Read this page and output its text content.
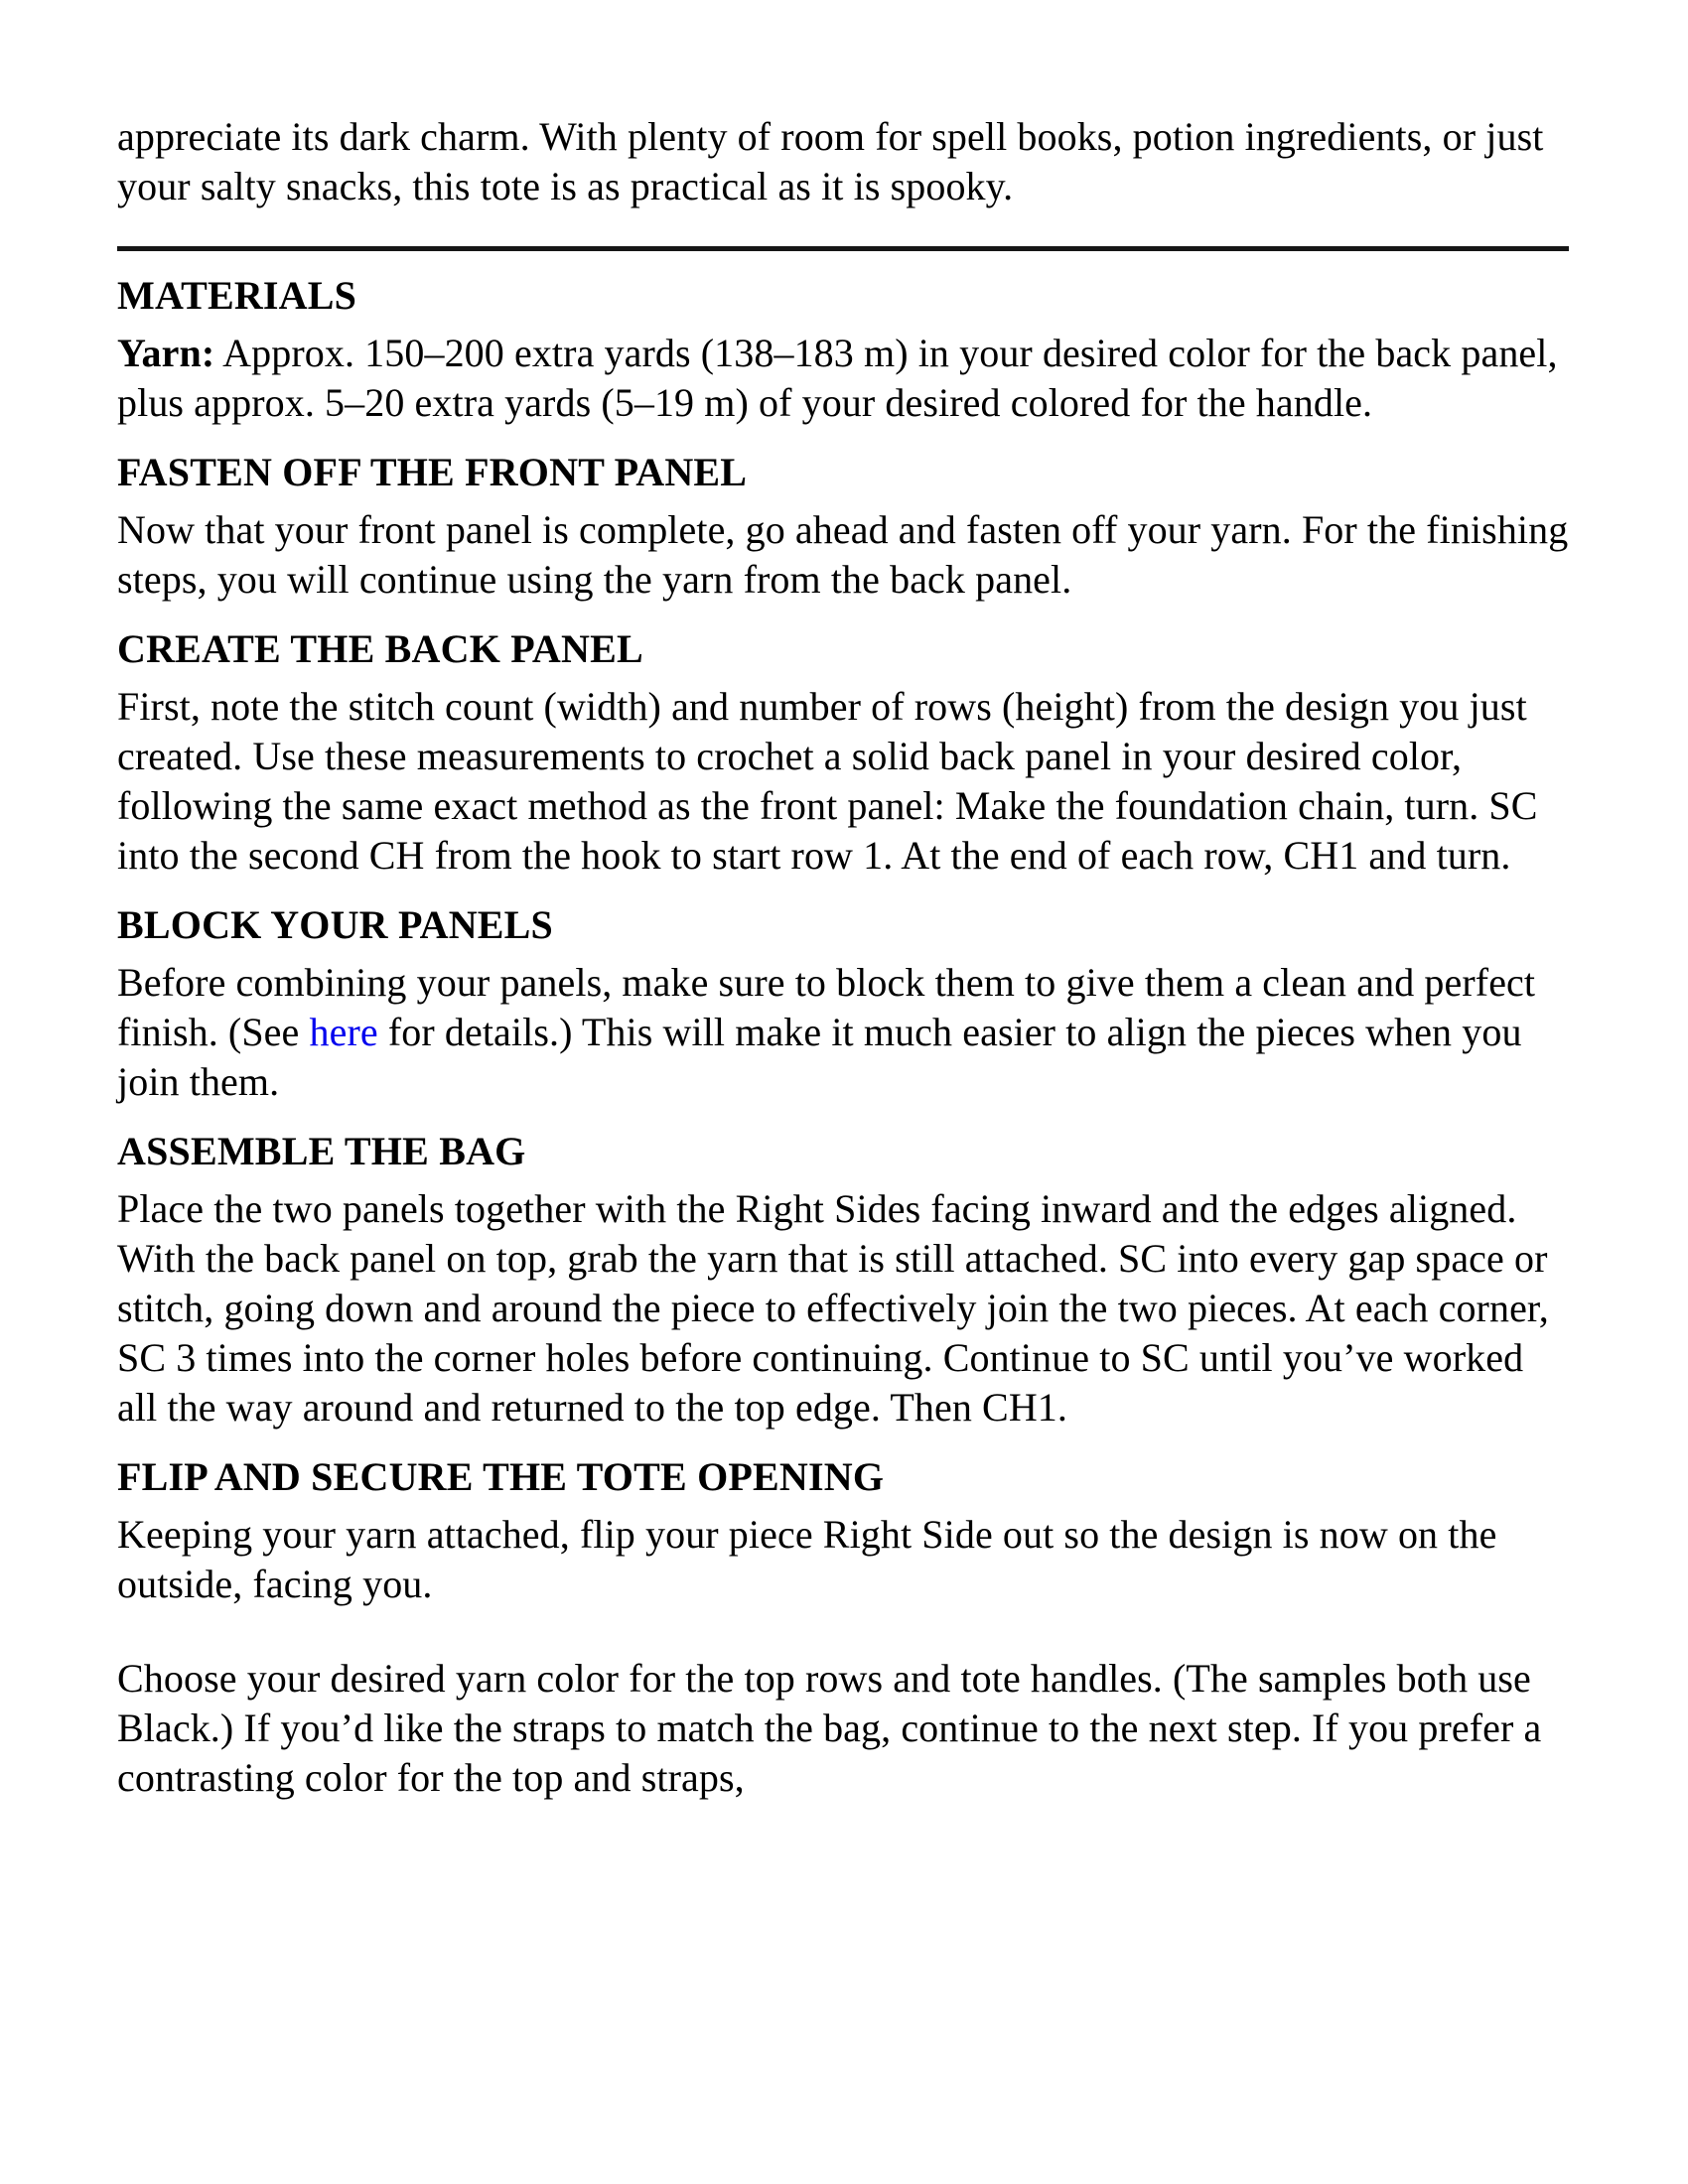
appreciate its dark charm. With plenty of room for spell books, potion ingredients, or just your salty snacks, this tote is as practical as it is spooky.

MATERIALS

Yarn: Approx. 150–200 extra yards (138–183 m) in your desired color for the back panel, plus approx. 5–20 extra yards (5–19 m) of your desired colored for the handle.

FASTEN OFF THE FRONT PANEL

Now that your front panel is complete, go ahead and fasten off your yarn. For the finishing steps, you will continue using the yarn from the back panel.

CREATE THE BACK PANEL

First, note the stitch count (width) and number of rows (height) from the design you just created. Use these measurements to crochet a solid back panel in your desired color, following the same exact method as the front panel: Make the foundation chain, turn. SC into the second CH from the hook to start row 1. At the end of each row, CH1 and turn.

BLOCK YOUR PANELS

Before combining your panels, make sure to block them to give them a clean and perfect finish. (See here for details.) This will make it much easier to align the pieces when you join them.

ASSEMBLE THE BAG

Place the two panels together with the Right Sides facing inward and the edges aligned. With the back panel on top, grab the yarn that is still attached. SC into every gap space or stitch, going down and around the piece to effectively join the two pieces. At each corner, SC 3 times into the corner holes before continuing. Continue to SC until you’ve worked all the way around and returned to the top edge. Then CH1.

FLIP AND SECURE THE TOTE OPENING

Keeping your yarn attached, flip your piece Right Side out so the design is now on the outside, facing you.

Choose your desired yarn color for the top rows and tote handles. (The samples both use Black.) If you’d like the straps to match the bag, continue to the next step. If you prefer a contrasting color for the top and straps,
